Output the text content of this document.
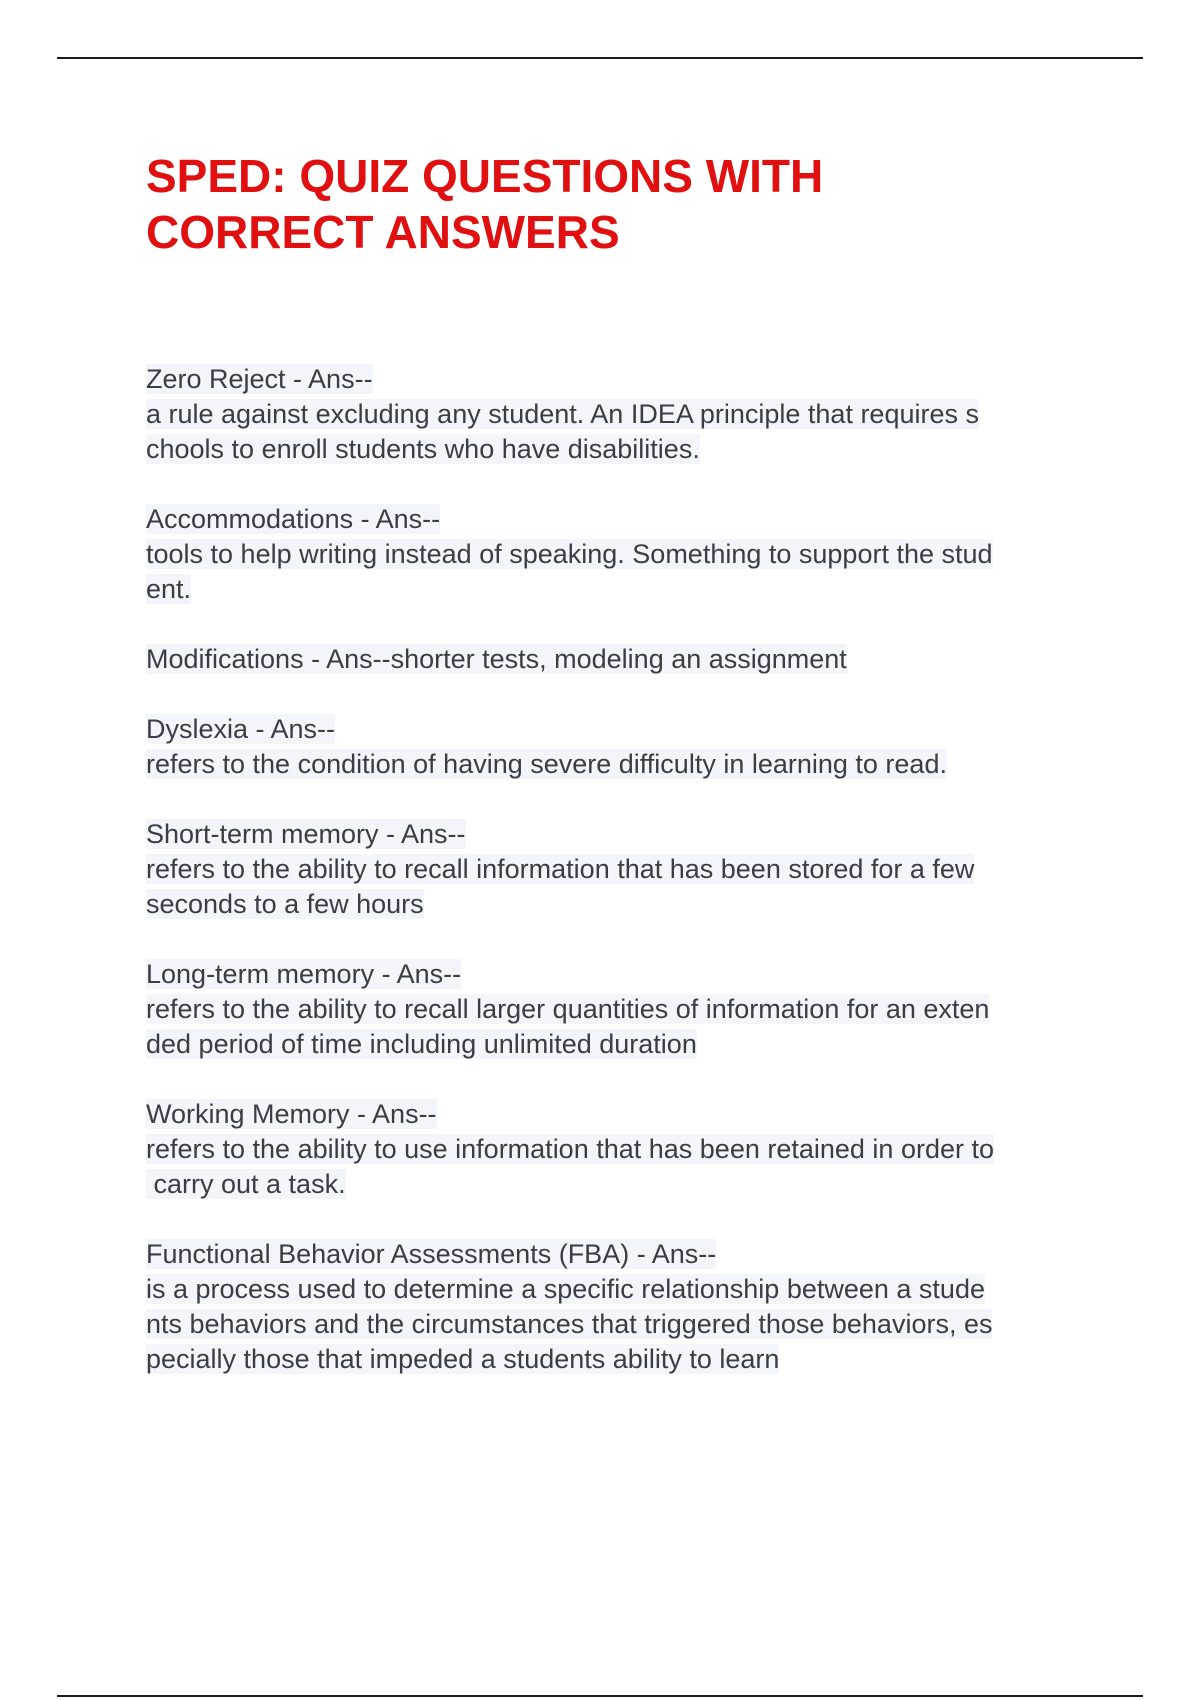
SPED: QUIZ QUESTIONS WITH
CORRECT ANSWERS
Zero Reject - Ans--
a rule against excluding any student. An IDEA principle that requires s
chools to enroll students who have disabilities.
Accommodations - Ans--
tools to help writing instead of speaking. Something to support the stud
ent.
Modifications - Ans--shorter tests, modeling an assignment
Dyslexia - Ans--
refers to the condition of having severe difficulty in learning to read.
Short-term memory - Ans--
refers to the ability to recall information that has been stored for a few
seconds to a few hours
Long-term memory - Ans--
refers to the ability to recall larger quantities of information for an exten
ded period of time including unlimited duration
Working Memory - Ans--
refers to the ability to use information that has been retained in order to
carry out a task.
Functional Behavior Assessments (FBA) - Ans--
is a process used to determine a specific relationship between a stude
nts behaviors and the circumstances that triggered those behaviors, es
pecially those that impeded a students ability to learn
